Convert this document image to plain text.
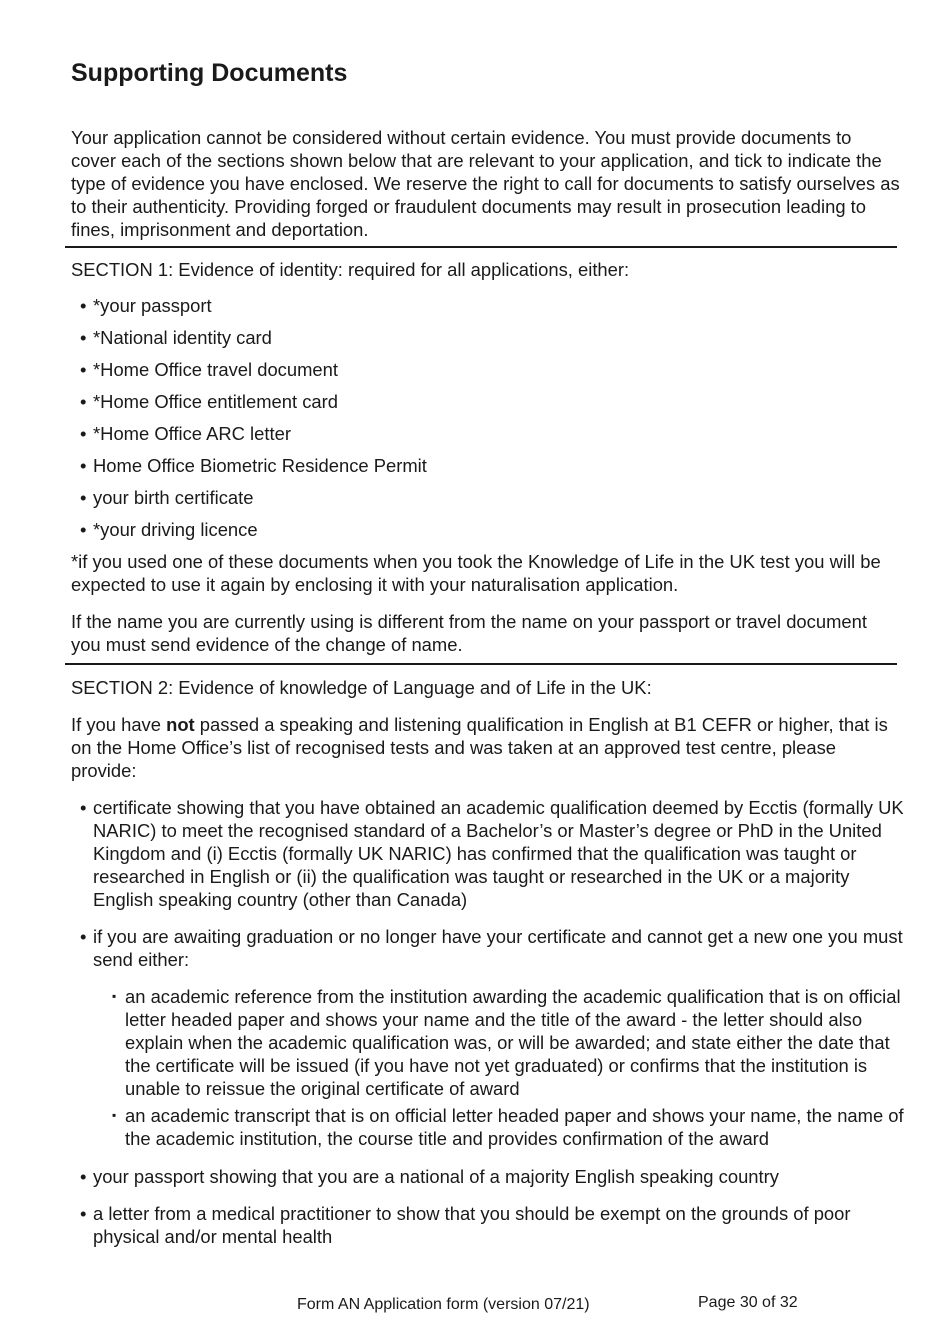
Supporting Documents

Your application cannot be considered without certain evidence. You must provide documents to cover each of the sections shown below that are relevant to your application, and tick to indicate the type of evidence you have enclosed. We reserve the right to call for documents to satisfy ourselves as to their authenticity. Providing forged or fraudulent documents may result in prosecution leading to fines, imprisonment and deportation.

SECTION 1: Evidence of identity: required for all applications, either:

• *your passport

• *National identity card

• *Home Office travel document

• *Home Office entitlement card

• *Home Office ARC letter

• Home Office Biometric Residence Permit

• your birth certificate

• *your driving licence

*if you used one of these documents when you took the Knowledge of Life in the UK test you will be expected to use it again by enclosing it with your naturalisation application.

If the name you are currently using is different from the name on your passport or travel document you must send evidence of the change of name.

SECTION 2: Evidence of knowledge of Language and of Life in the UK:

If you have not passed a speaking and listening qualification in English at B1 CEFR or higher, that is on the Home Office’s list of recognised tests and was taken at an approved test centre, please provide:

• certificate showing that you have obtained an academic qualification deemed by Ecctis (formally UK NARIC) to meet the recognised standard of a Bachelor’s or Master’s degree or PhD in the United Kingdom and (i) Ecctis (formally UK NARIC) has confirmed that the qualification was taught or researched in English or (ii) the qualification was taught or researched in the UK or a majority English speaking country (other than Canada)

• if you are awaiting graduation or no longer have your certificate and cannot get a new one you must send either:

▪ an academic reference from the institution awarding the academic qualification that is on official letter headed paper and shows your name and the title of the award - the letter should also explain when the academic qualification was, or will be awarded; and state either the date that the certificate will be issued (if you have not yet graduated) or confirms that the institution is unable to reissue the original certificate of award

▪ an academic transcript that is on official letter headed paper and shows your name, the name of the academic institution, the course title and provides confirmation of the award

• your passport showing that you are a national of a majority English speaking country

• a letter from a medical practitioner to show that you should be exempt on the grounds of poor physical and/or mental health

Form AN Application form (version 07/21)	Page 30 of 32
